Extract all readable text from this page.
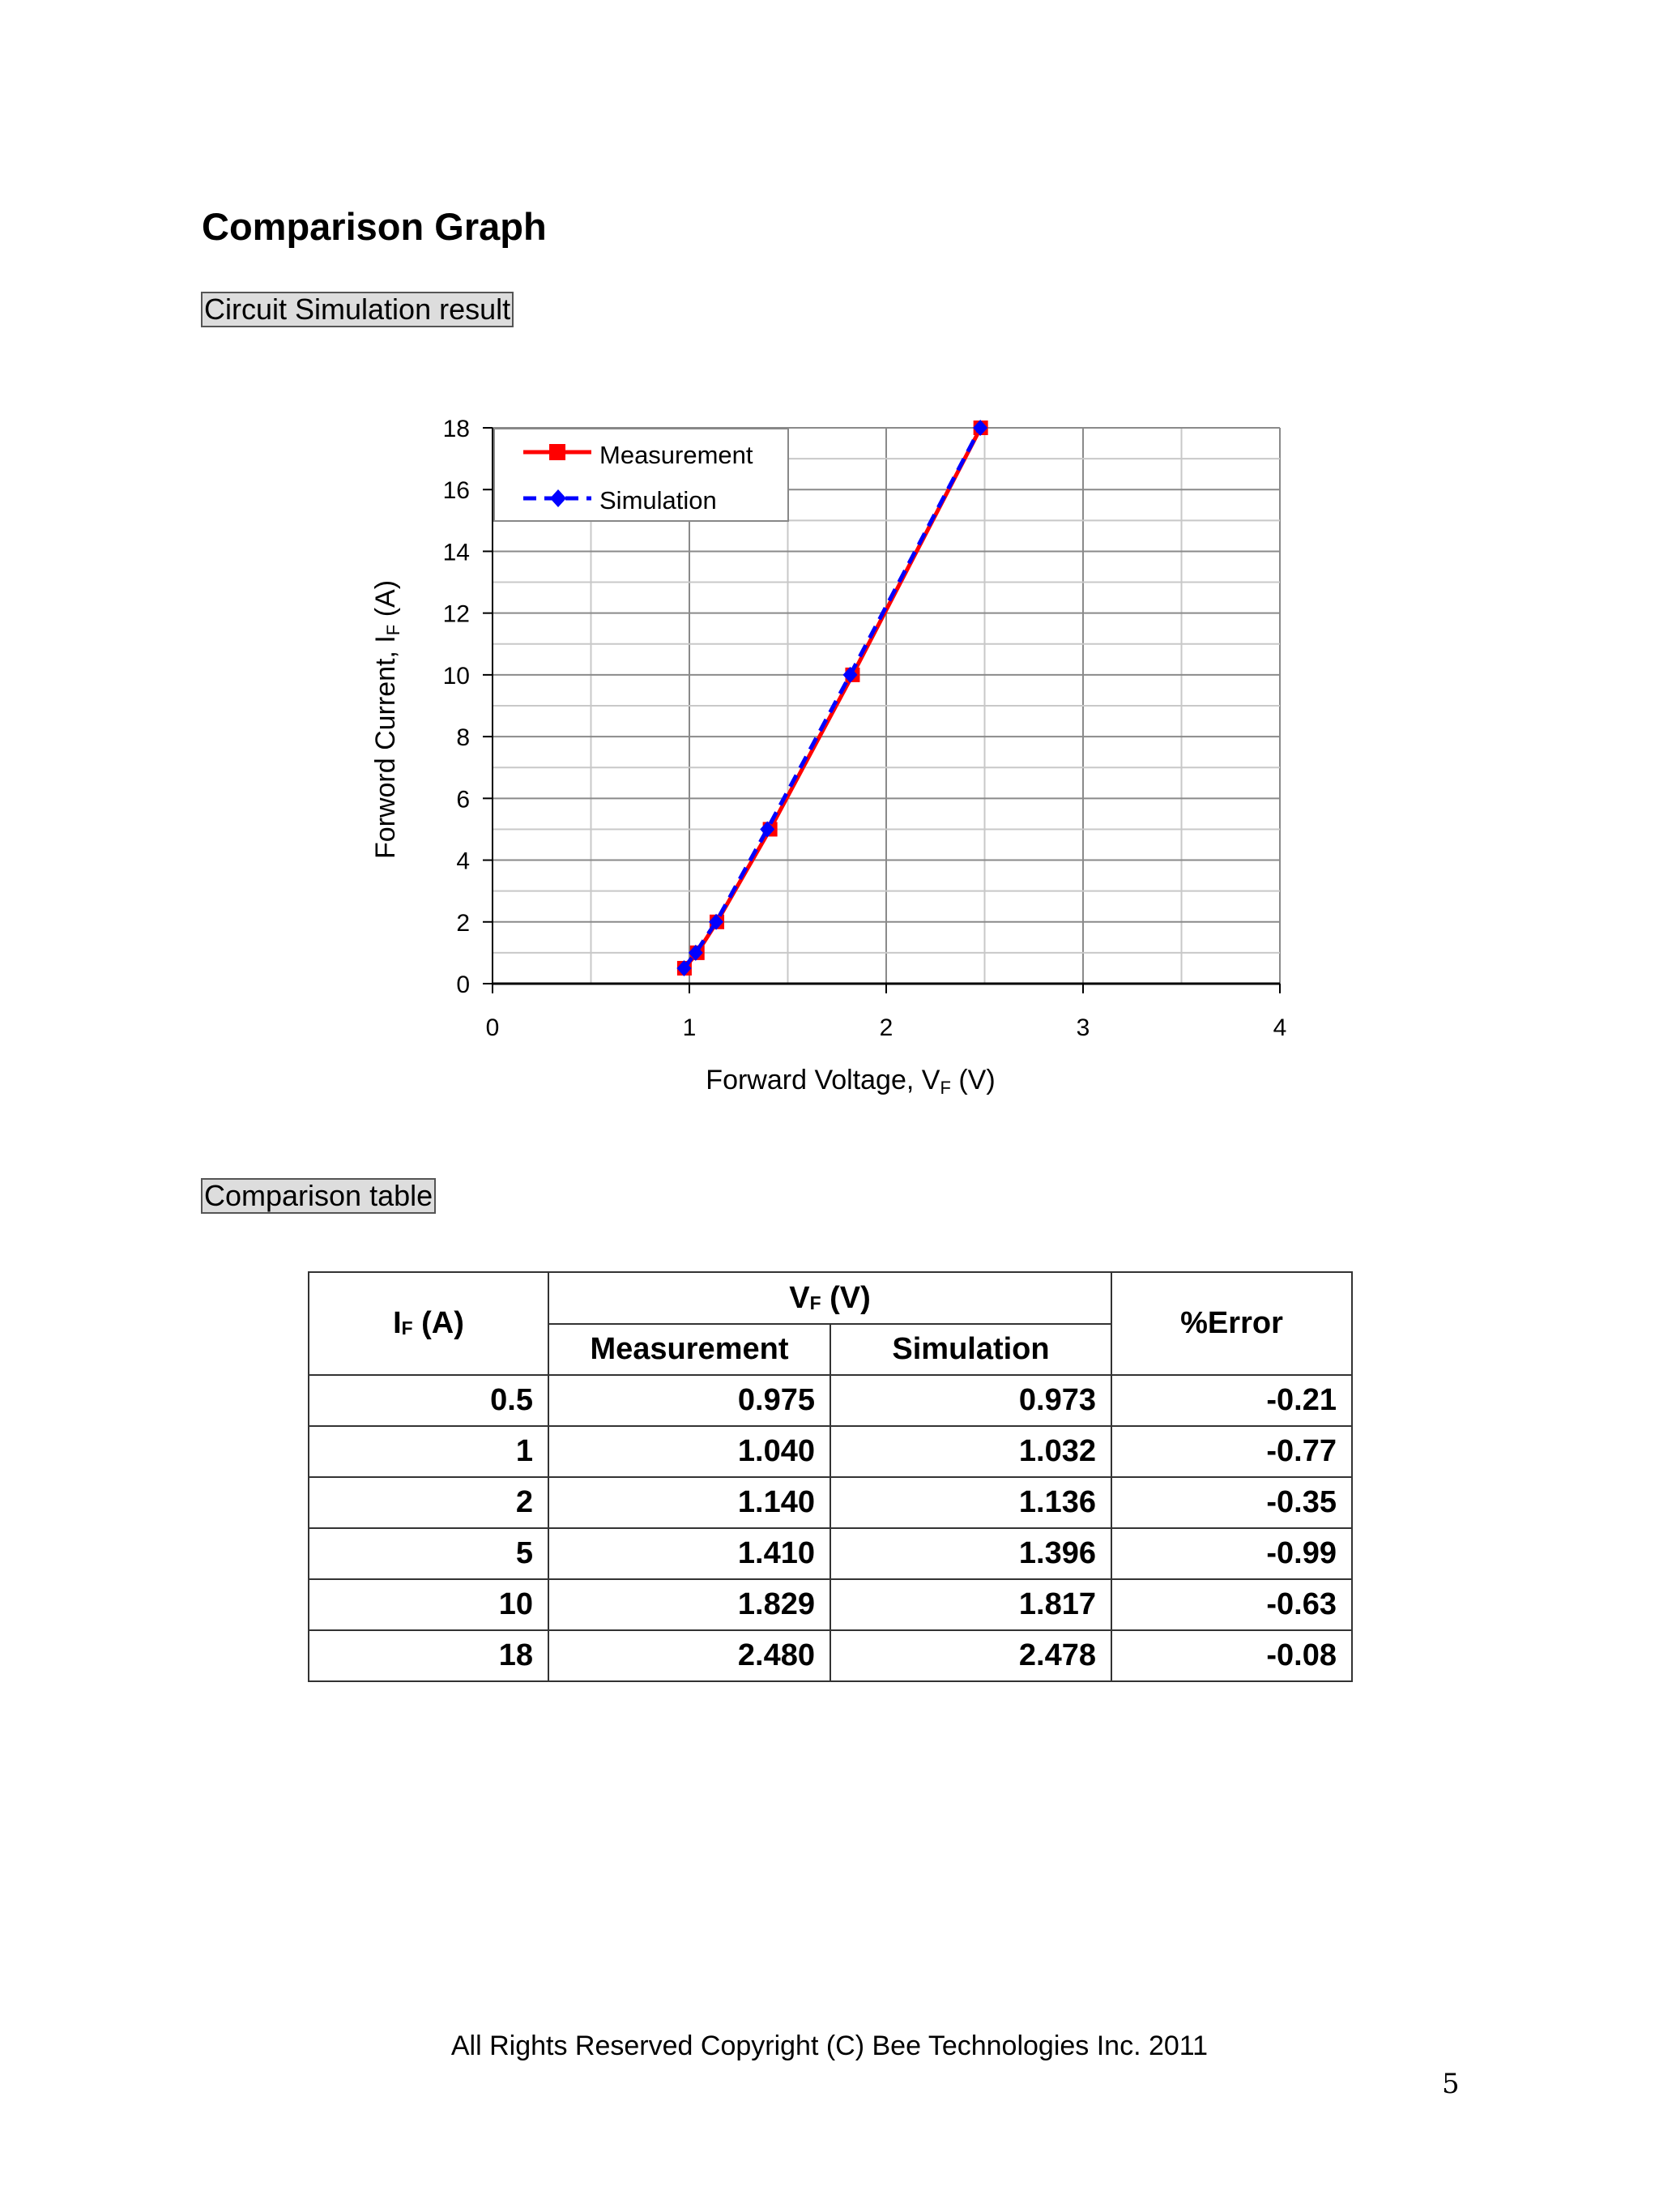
Comparison Graph
Circuit Simulation result
0
2
4
6
8
10
12
14
16
18
0	1	2	3	4
Measurement
Simulation
Forward Voltage, VF (V)
Forword Current, IF (A)
Comparison table
$I_F$ (A)	$V_F$ (V)		%Error
	Measurement	Simulation	
0.5	0.975	0.973	-0.21
1	1.040	1.032	-0.77
2	1.140	1.136	-0.35
5	1.410	1.396	-0.99
10	1.829	1.817	-0.63
18	2.480	2.478	-0.08
All Rights Reserved Copyright (C) Bee Technologies Inc. 2011
5
